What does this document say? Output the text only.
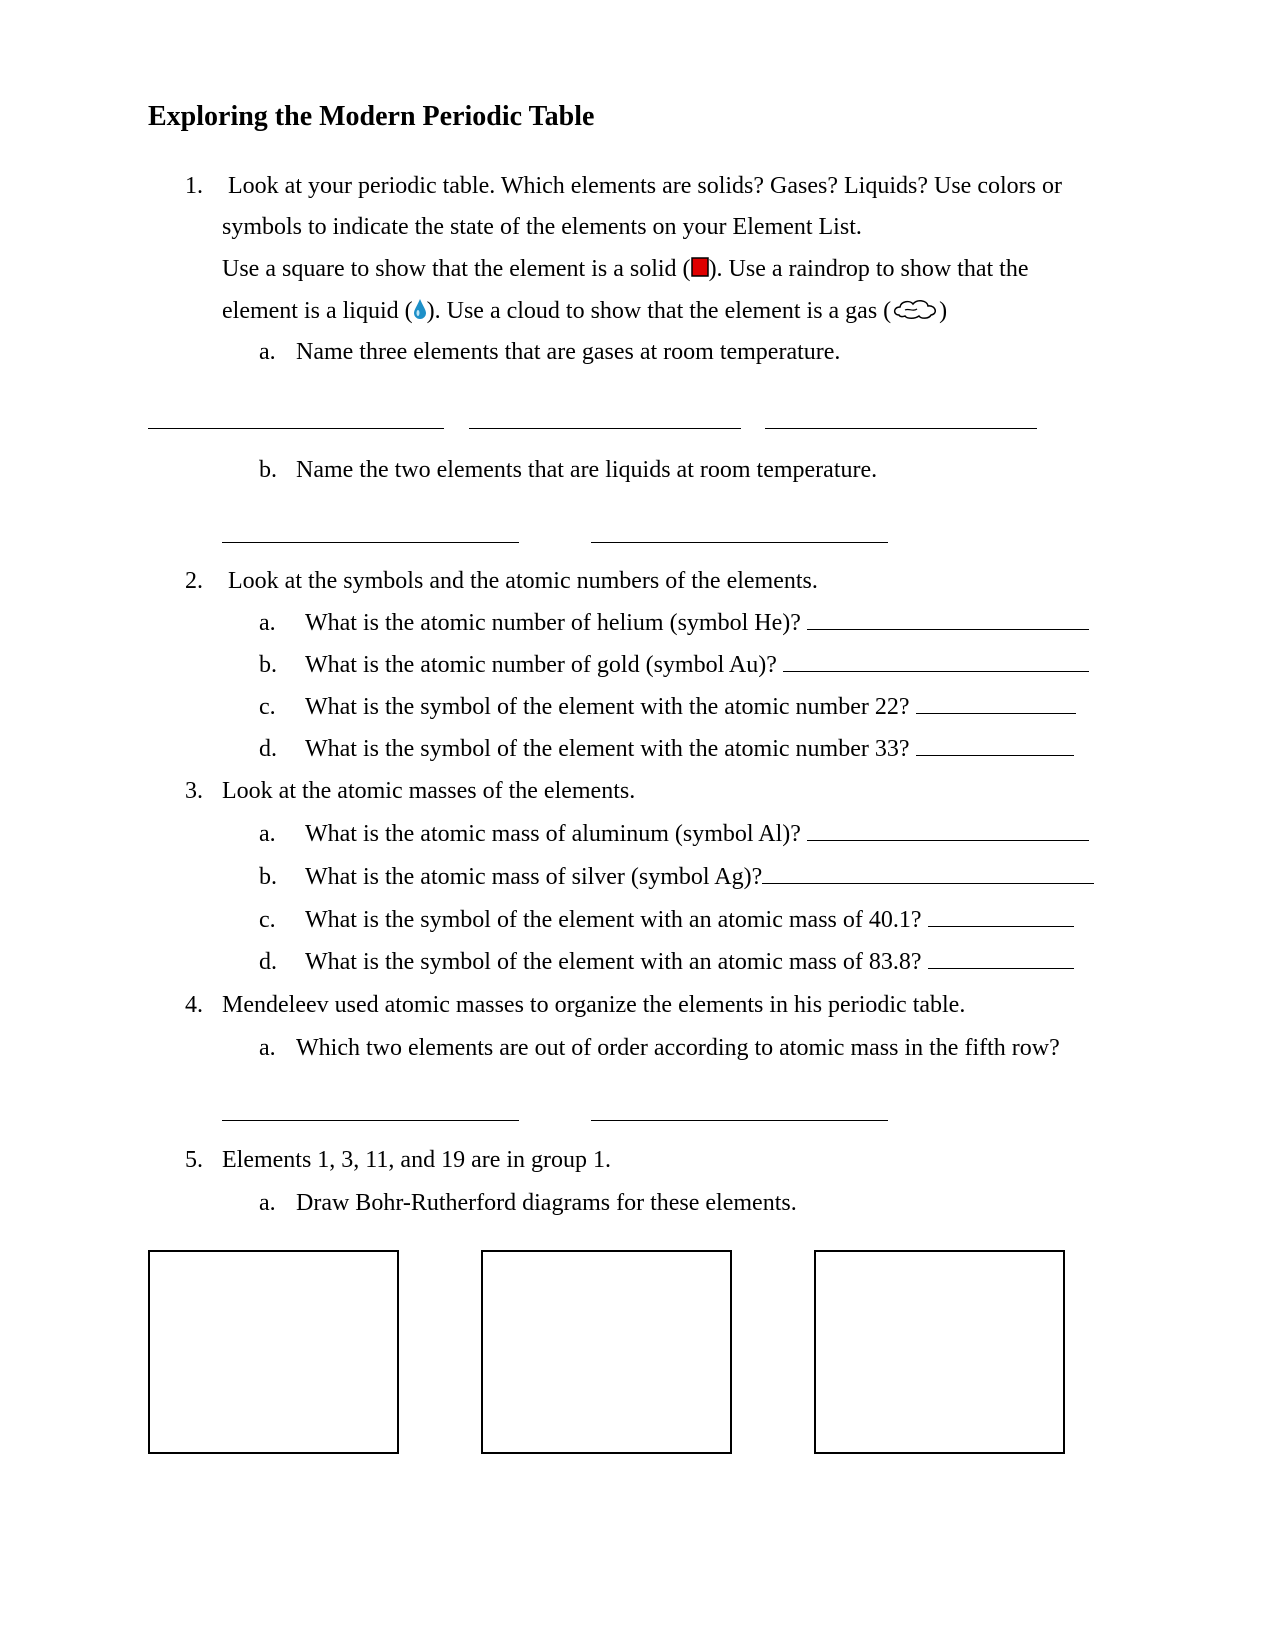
Exploring the Modern Periodic Table
1. Look at your periodic table. Which elements are solids? Gases? Liquids? Use colors or
symbols to indicate the state of the elements on your Element List.
Use a square to show that the element is a solid ( ). Use a raindrop to show that the
element is a liquid ( ). Use a cloud to show that the element is a gas ( )
a. Name three elements that are gases at room temperature.
b. Name the two elements that are liquids at room temperature.
2. Look at the symbols and the atomic numbers of the elements.
a. What is the atomic number of helium (symbol He)?
b. What is the atomic number of gold (symbol Au)?
c. What is the symbol of the element with the atomic number 22?
d. What is the symbol of the element with the atomic number 33?
3. Look at the atomic masses of the elements.
a. What is the atomic mass of aluminum (symbol Al)?
b. What is the atomic mass of silver (symbol Ag)?
c. What is the symbol of the element with an atomic mass of 40.1?
d. What is the symbol of the element with an atomic mass of 83.8?
4. Mendeleev used atomic masses to organize the elements in his periodic table.
a. Which two elements are out of order according to atomic mass in the fifth row?
5. Elements 1, 3, 11, and 19 are in group 1.
a. Draw Bohr-Rutherford diagrams for these elements.
